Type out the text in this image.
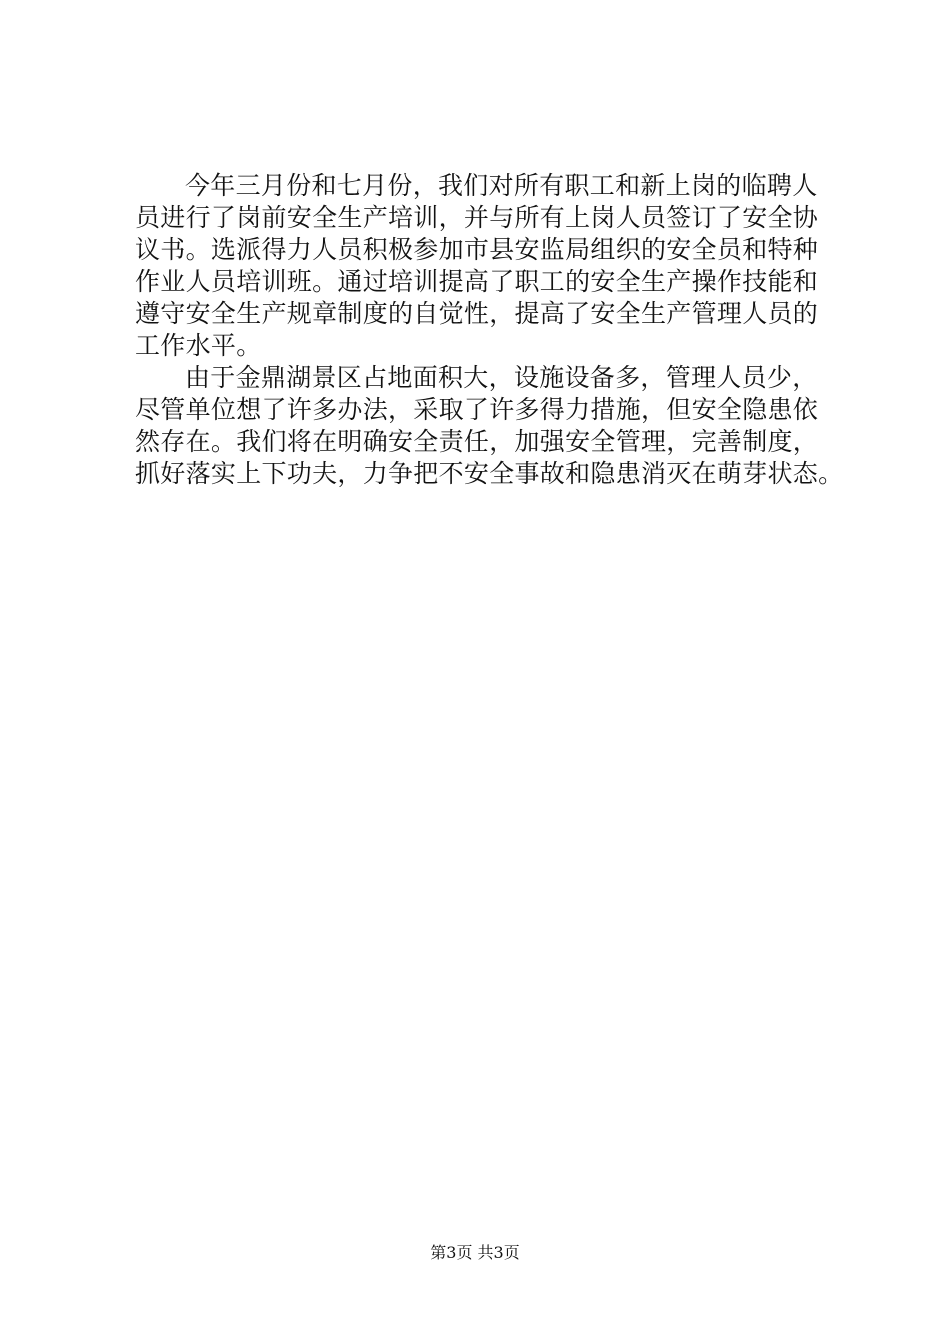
今年三月份和七月份，我们对所有职工和新上岗的临聘人
员进行了岗前安全生产培训，并与所有上岗人员签订了安全协
议书。选派得力人员积极参加市县安监局组织的安全员和特种
作业人员培训班。通过培训提高了职工的安全生产操作技能和
遵守安全生产规章制度的自觉性，提高了安全生产管理人员的
工作水平。
由于金鼎湖景区占地面积大，设施设备多，管理人员少，
尽管单位想了许多办法，采取了许多得力措施，但安全隐患依
然存在。我们将在明确安全责任，加强安全管理，完善制度，
抓好落实上下功夫，力争把不安全事故和隐患消灭在萌芽状态。
第3页 共3页
